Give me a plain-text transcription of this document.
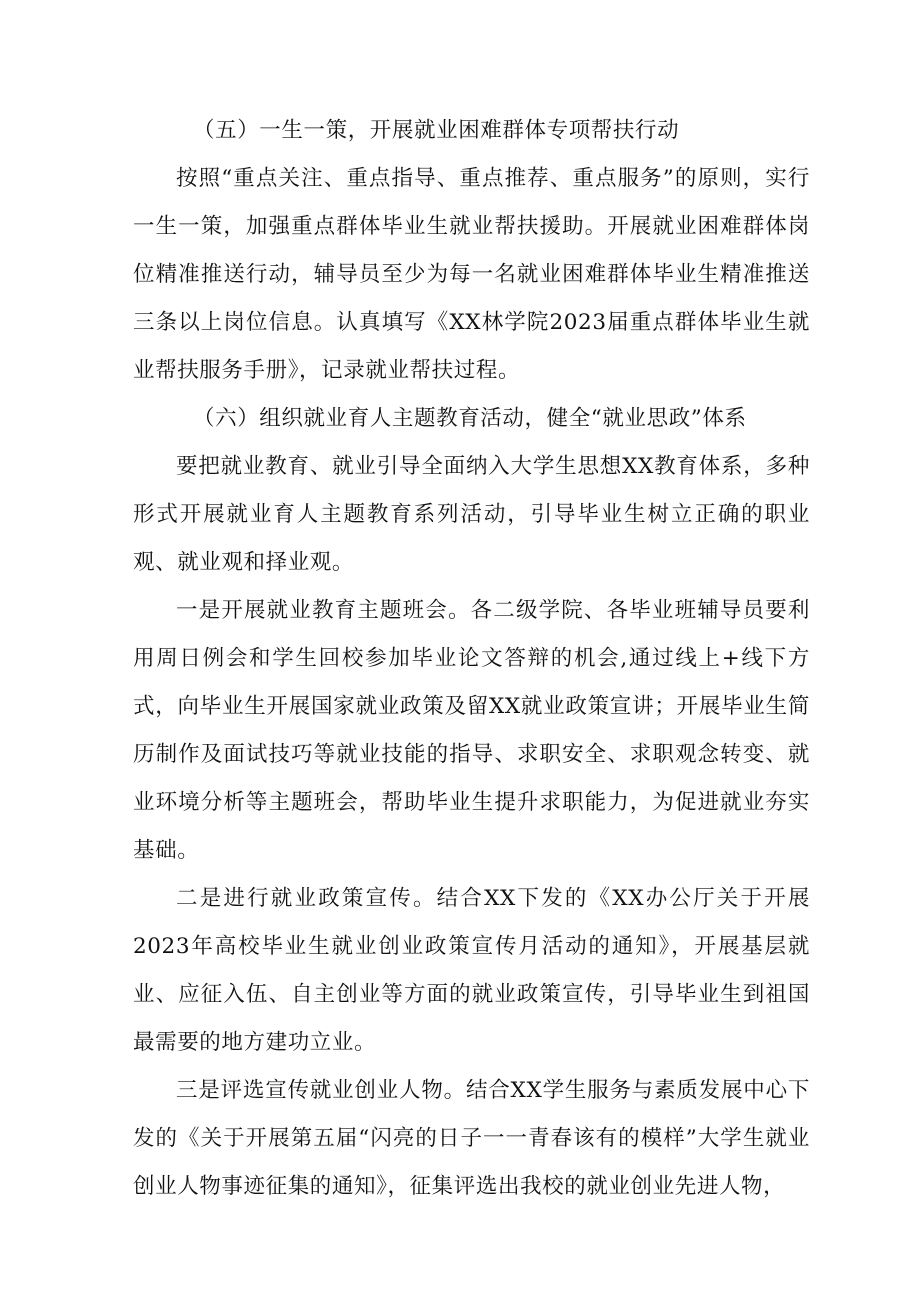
（五）一生一策，开展就业困难群体专项帮扶行动

按照“重点关注、重点指导、重点推荐、重点服务”的原则，实行一生一策，加强重点群体毕业生就业帮扶援助。开展就业困难群体岗位精准推送行动，辅导员至少为每一名就业困难群体毕业生精准推送三条以上岗位信息。认真填写《XX林学院2023届重点群体毕业生就业帮扶服务手册》，记录就业帮扶过程。

（六）组织就业育人主题教育活动，健全“就业思政”体系

要把就业教育、就业引导全面纳入大学生思想XX教育体系，多种形式开展就业育人主题教育系列活动，引导毕业生树立正确的职业观、就业观和择业观。

一是开展就业教育主题班会。各二级学院、各毕业班辅导员要利用周日例会和学生回校参加毕业论文答辩的机会,通过线上+线下方式，向毕业生开展国家就业政策及留XX就业政策宣讲；开展毕业生简历制作及面试技巧等就业技能的指导、求职安全、求职观念转变、就业环境分析等主题班会，帮助毕业生提升求职能力，为促进就业夯实基础。

二是进行就业政策宣传。结合XX下发的《XX办公厅关于开展2023年高校毕业生就业创业政策宣传月活动的通知》，开展基层就业、应征入伍、自主创业等方面的就业政策宣传，引导毕业生到祖国最需要的地方建功立业。

三是评选宣传就业创业人物。结合XX学生服务与素质发展中心下发的《关于开展第五届“闪亮的日子一一青春该有的模样”大学生就业创业人物事迹征集的通知》，征集评选出我校的就业创业先进人物，
